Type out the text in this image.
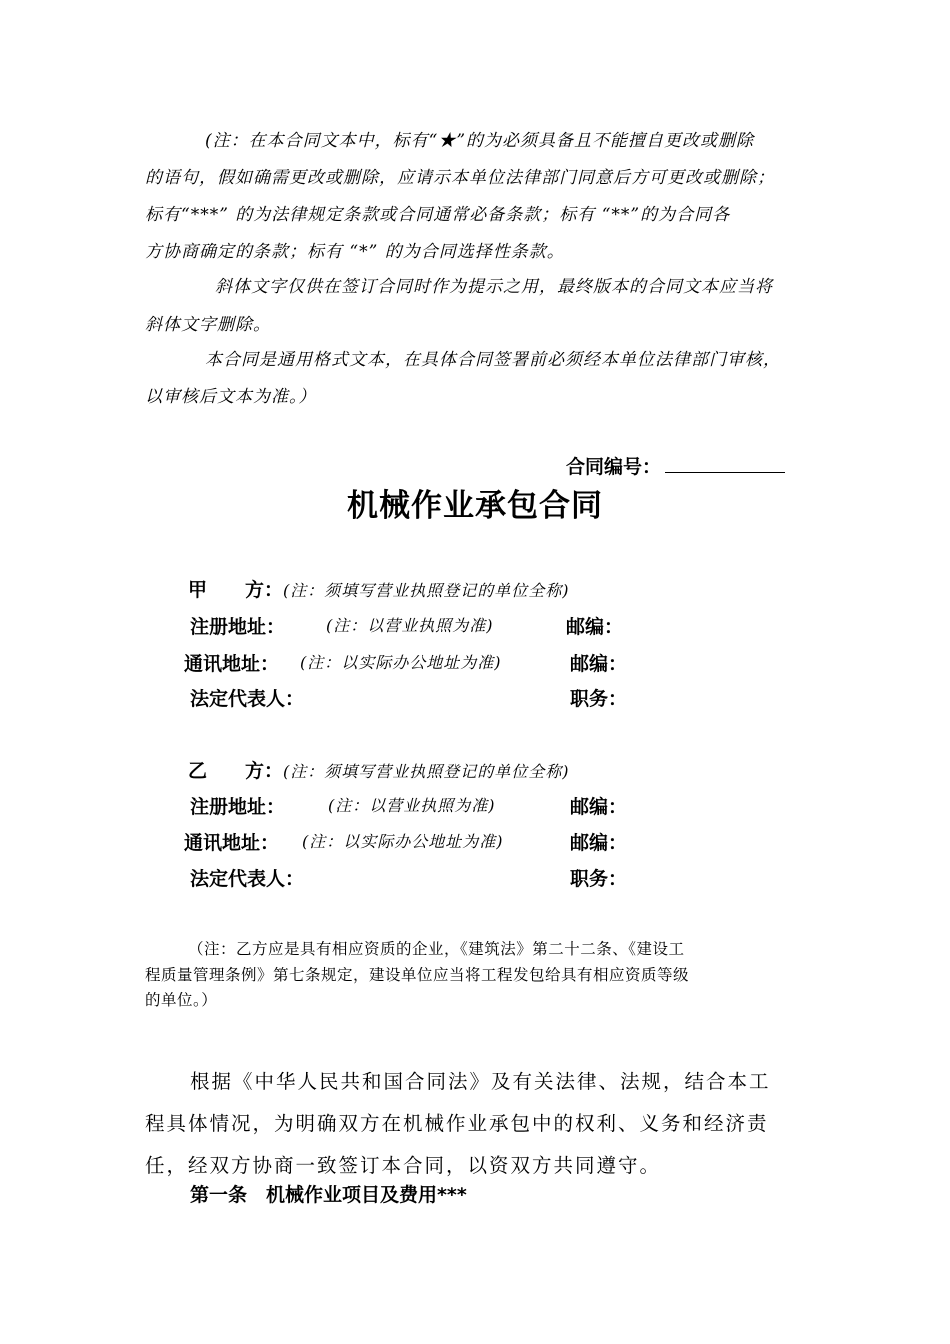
(注：在本合同文本中，标有“★”的为必须具备且不能擅自更改或删除
的语句，假如确需更改或删除，应请示本单位法律部门同意后方可更改或删除；
标有“***” 的为法律规定条款或合同通常必备条款；标有 “**”的为合同各
方协商确定的条款；标有 “*” 的为合同选择性条款。
斜体文字仅供在签订合同时作为提示之用，最终版本的合同文本应当将
斜体文字删除。
本合同是通用格式文本，在具体合同签署前必须经本单位法律部门审核，
以审核后文本为准。）
合同编号：
机械作业承包合同
甲　　方：(注：须填写营业执照登记的单位全称)
注册地址：	(注：以营业执照为准)	邮编：
通讯地址： (注：以实际办公地址为准)	邮编：
法定代表人：	职务：
乙　　方：(注：须填写营业执照登记的单位全称)
注册地址：	(注：以营业执照为准)	邮编：
通讯地址： (注：以实际办公地址为准)	邮编：
法定代表人：	职务：
（注：乙方应是具有相应资质的企业，《建筑法》第二十二条、《建设工
程质量管理条例》第七条规定，建设单位应当将工程发包给具有相应资质等级
的单位。）
根据《中华人民共和国合同法》及有关法律、法规，结合本工
程具体情况，为明确双方在机械作业承包中的权利、义务和经济责
任，经双方协商一致签订本合同，以资双方共同遵守。
第一条　机械作业项目及费用***
